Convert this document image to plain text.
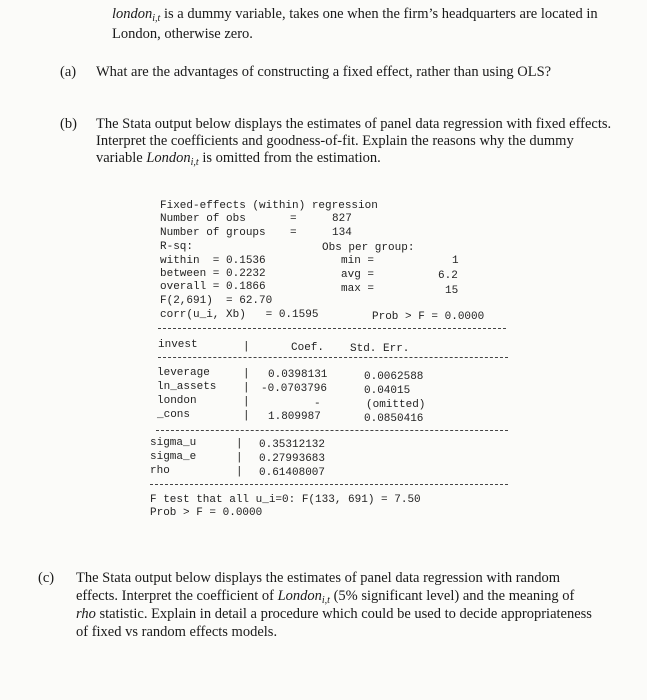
london$_{i,t}$ is a dummy variable, takes one when the firm’s headquarters are located in
London, otherwise zero.
(a) What are the advantages of constructing a fixed effect, rather than using OLS?
(b) The Stata output below displays the estimates of panel data regression with fixed effects.
Interpret the coefficients and goodness-of-fit. Explain the reasons why the dummy
variable London$_{i,t}$ is omitted from the estimation.
Fixed-effects (within) regression
Number of obs	=	827
Number of groups =	134
R-sq:	Obs per group:
within  = 0.1536	min =	1
between = 0.2232	avg =	6.2
overall = 0.1866	max =	15
F(2,691)  = 62.70
corr(u_i, Xb)   = 0.1595	Prob > F = 0.0000
invest	|	Coef. Std. Err.
leverage	| 0.0398131	0.0062588
ln_assets | -0.0703796	0.04015
london	|	-	(omitted)
_cons	| 1.809987	0.0850416
sigma_u	| 0.35312132
sigma_e	| 0.27993683
rho	| 0.61408007
F test that all u_i=0: F(133, 691) = 7.50
Prob > F = 0.0000
(c) The Stata output below displays the estimates of panel data regression with random
effects. Interpret the coefficient of London$_{i,t}$ (5% significant level) and the meaning of
rho statistic. Explain in detail a procedure which could be used to decide appropriateness
of fixed vs random effects models.
